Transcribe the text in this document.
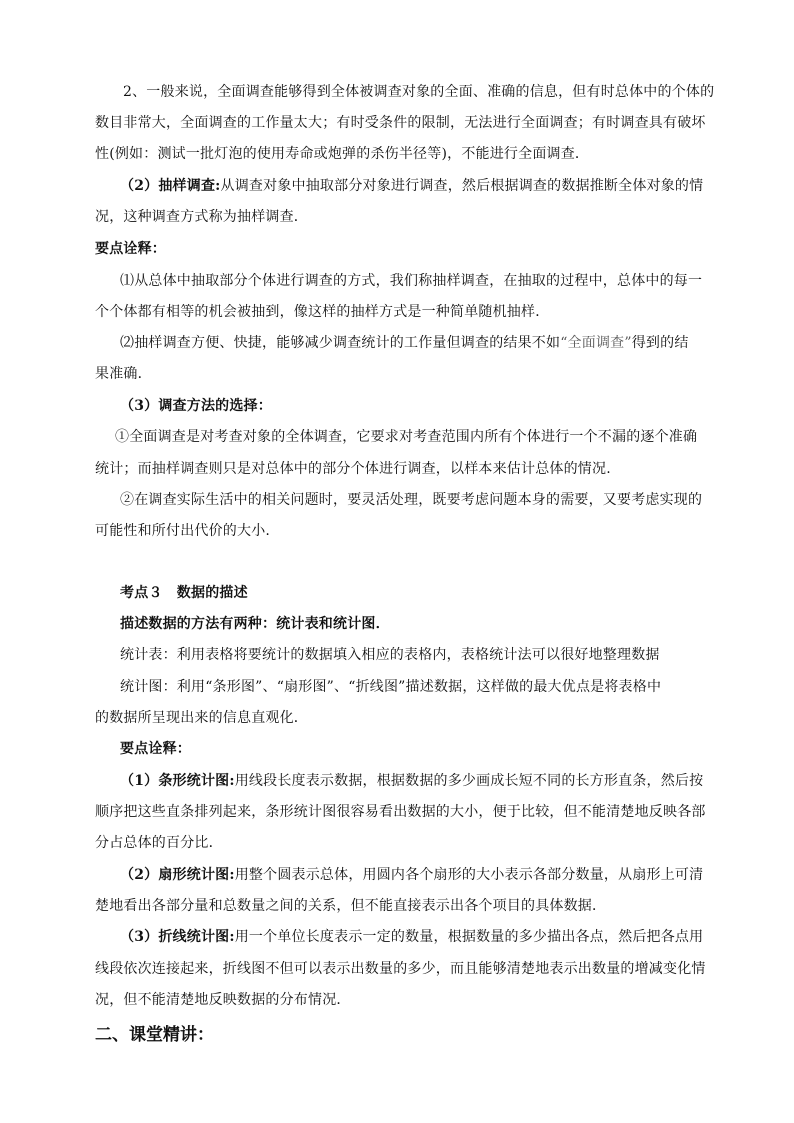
2、一般来说，全面调查能够得到全体被调查对象的全面、准确的信息，但有时总体中的个体的
数目非常大，全面调查的工作量太大；有时受条件的限制，无法进行全面调查；有时调查具有破坏
性(例如：测试一批灯泡的使用寿命或炮弹的杀伤半径等)，不能进行全面调查．
（2）抽样调查:从调查对象中抽取部分对象进行调查，然后根据调查的数据推断全体对象的情
况，这种调查方式称为抽样调查．
要点诠释：
⑴从总体中抽取部分个体进行调查的方式，我们称抽样调查，在抽取的过程中，总体中的每一
个个体都有相等的机会被抽到，像这样的抽样方式是一种简单随机抽样．
⑵抽样调查方便、快捷，能够减少调查统计的工作量但调查的结果不如“全面调查”得到的结
果准确．
（3）调查方法的选择：
①全面调查是对考查对象的全体调查，它要求对考查范围内所有个体进行一个不漏的逐个准确
统计；而抽样调查则只是对总体中的部分个体进行调查，以样本来估计总体的情况.
②在调查实际生活中的相关问题时，要灵活处理，既要考虑问题本身的需要，又要考虑实现的
可能性和所付出代价的大小.
考点３　数据的描述
描述数据的方法有两种：统计表和统计图．
统计表：利用表格将要统计的数据填入相应的表格内，表格统计法可以很好地整理数据
统计图：利用“条形图”、“扇形图”、“折线图”描述数据，这样做的最大优点是将表格中
的数据所呈现出来的信息直观化．
要点诠释：
（1）条形统计图:用线段长度表示数据，根据数据的多少画成长短不同的长方形直条，然后按
顺序把这些直条排列起来，条形统计图很容易看出数据的大小，便于比较，但不能清楚地反映各部
分占总体的百分比．
（2）扇形统计图:用整个圆表示总体，用圆内各个扇形的大小表示各部分数量，从扇形上可清
楚地看出各部分量和总数量之间的关系，但不能直接表示出各个项目的具体数据．
（3）折线统计图:用一个单位长度表示一定的数量，根据数量的多少描出各点，然后把各点用
线段依次连接起来，折线图不但可以表示出数量的多少，而且能够清楚地表示出数量的增减变化情
况，但不能清楚地反映数据的分布情况．
二、课堂精讲：
